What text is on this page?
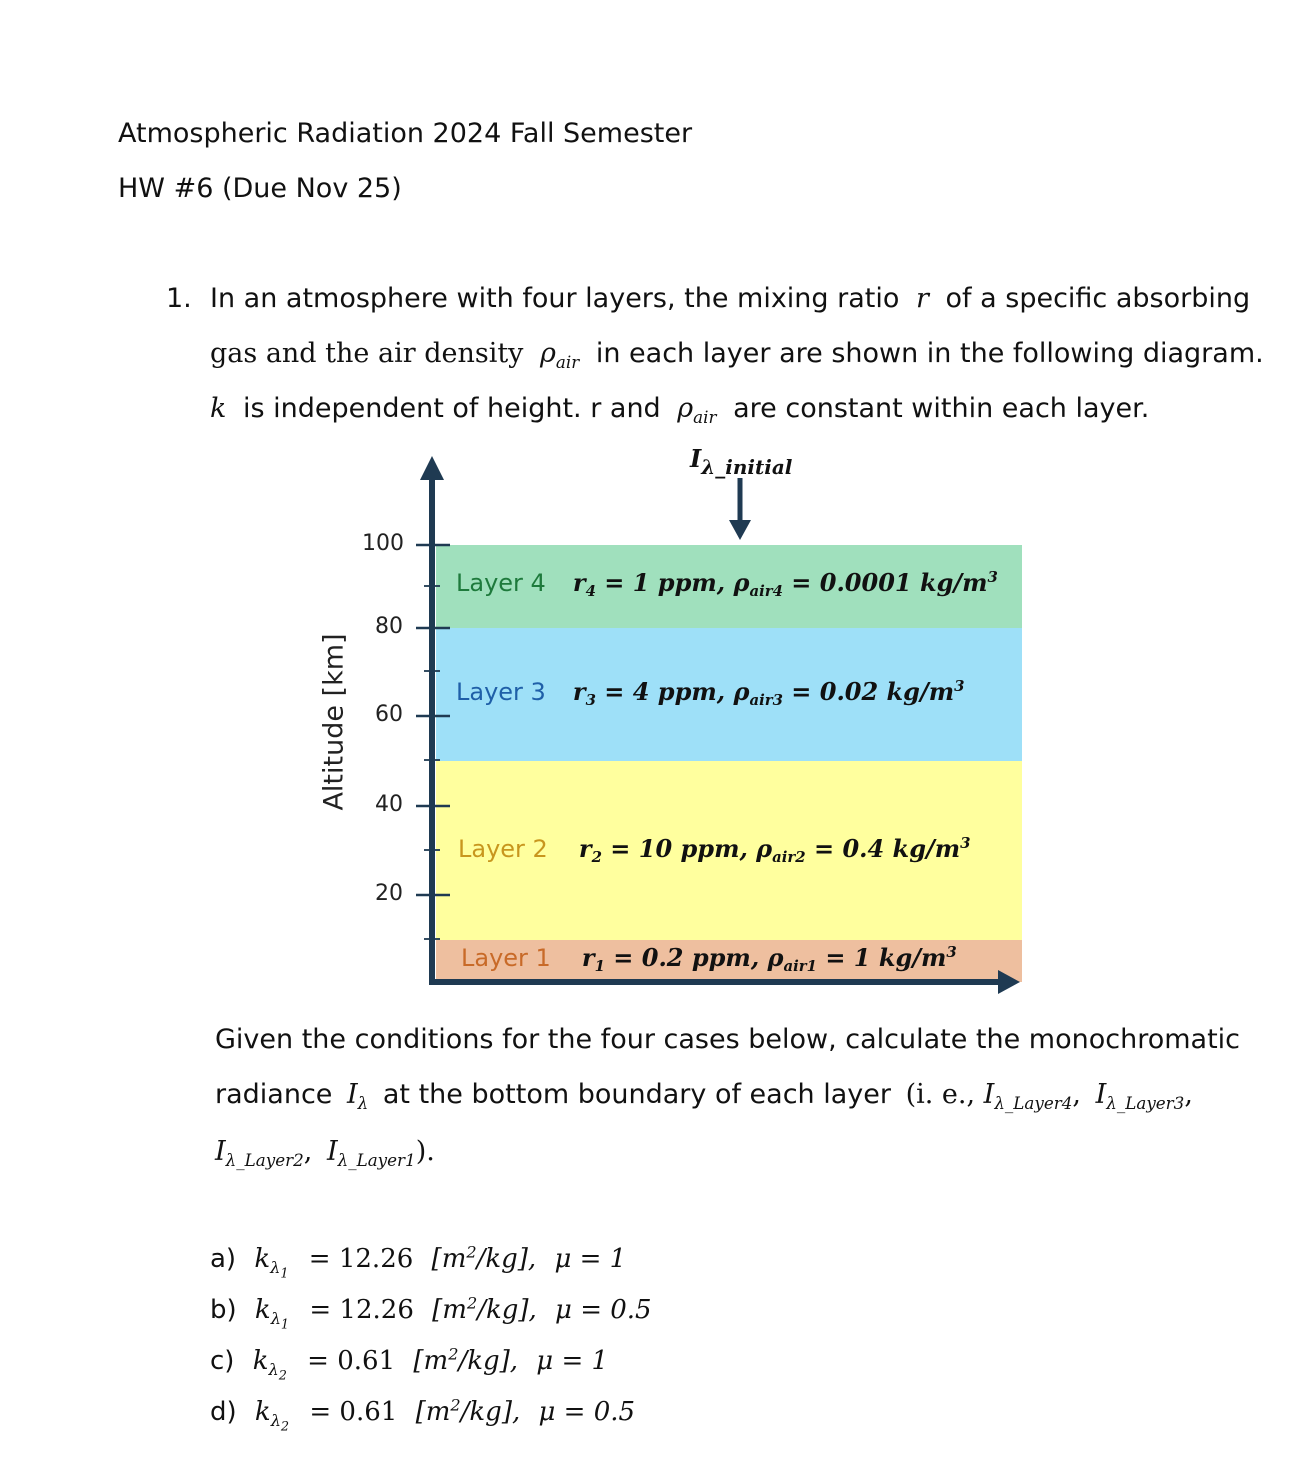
Atmospheric Radiation 2024 Fall Semester
HW #6 (Due Nov 25)
1. In an atmosphere with four layers, the mixing ratio r of a specific absorbing
gas and the air density $\rho_{air}$ in each layer are shown in the following diagram.
k is independent of height. r and $\rho_{air}$ are constant within each layer.
$I_{\lambda\_initial}$
100
80
60
40
20
Altitude [km]
Layer 4 $r_4 = 1$ ppm, $\rho_{air4} = 0.0001$ $kg/m^3$
Layer 3 $r_3 = 4$ ppm, $\rho_{air3} = 0.02$ $kg/m^3$
Layer 2 $r_2 = 10$ ppm, $\rho_{air2} = 0.4$ $kg/m^3$
Layer 1 $r_1 = 0.2$ ppm, $\rho_{air1} = 1$ $kg/m^3$
Given the conditions for the four cases below, calculate the monochromatic
radiance $I_\lambda$ at the bottom boundary of each layer (i. e., $I_{\lambda\_Layer4}$, $I_{\lambda\_Layer3}$,
$I_{\lambda\_Layer2}$, $I_{\lambda\_Layer1}$).
a) $k_{\lambda_1} = 12.26$ $[m^2/kg]$, μ = 1
b) $k_{\lambda_1} = 12.26$ $[m^2/kg]$, μ = 0.5
c) $k_{\lambda_2} = 0.61$ $[m^2/kg]$, μ = 1
d) $k_{\lambda_2} = 0.61$ $[m^2/kg]$, μ = 0.5
